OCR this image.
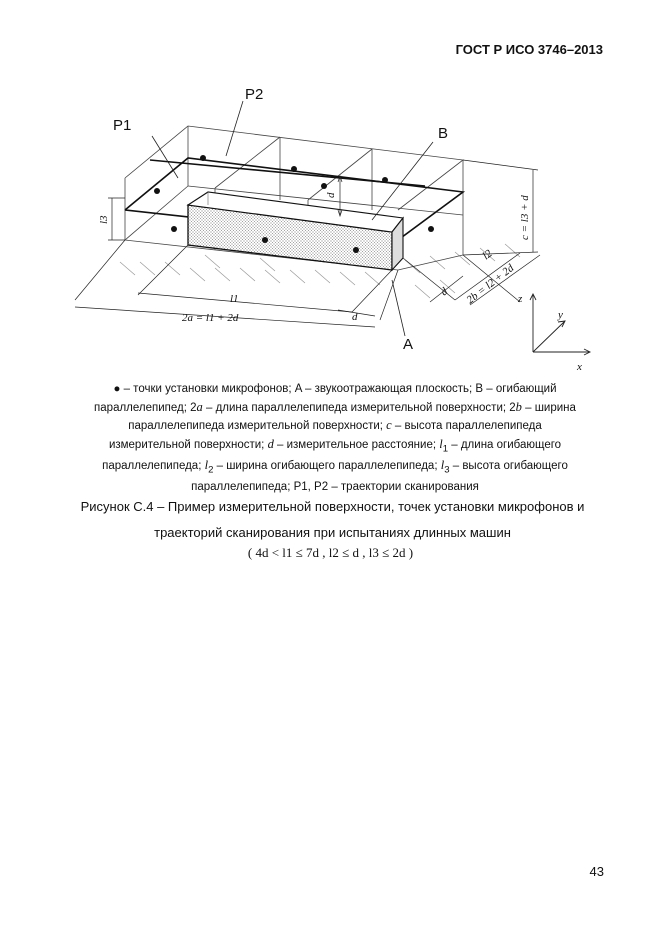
ГОСТ Р ИСО 3746–2013
P1
P2
B
A
d
l3	c = l3 + d
l1
2a = l1 + 2d	d
d 2b = l2 + 2d
l2
z
y
x
● – точки установки микрофонов; A – звукоотражающая плоскость; B – огибающий
параллелепипед; 2a – длина параллелепипеда измерительной поверхности; 2b – ширина
параллелепипеда измерительной поверхности; c – высота параллелепипеда
измерительной поверхности; d – измерительное расстояние; $l_1$ – длина огибающего
параллелепипеда; $l_2$ – ширина огибающего параллелепипеда; $l_3$ – высота огибающего
параллелепипеда; P1, P2 – траектории сканирования
Рисунок С.4 – Пример измерительной поверхности, точек установки микрофонов и
траекторий сканирования при испытаниях длинных машин
( 4d < l1 ≤ 7d , l2 ≤ d , l3 ≤ 2d )
43
